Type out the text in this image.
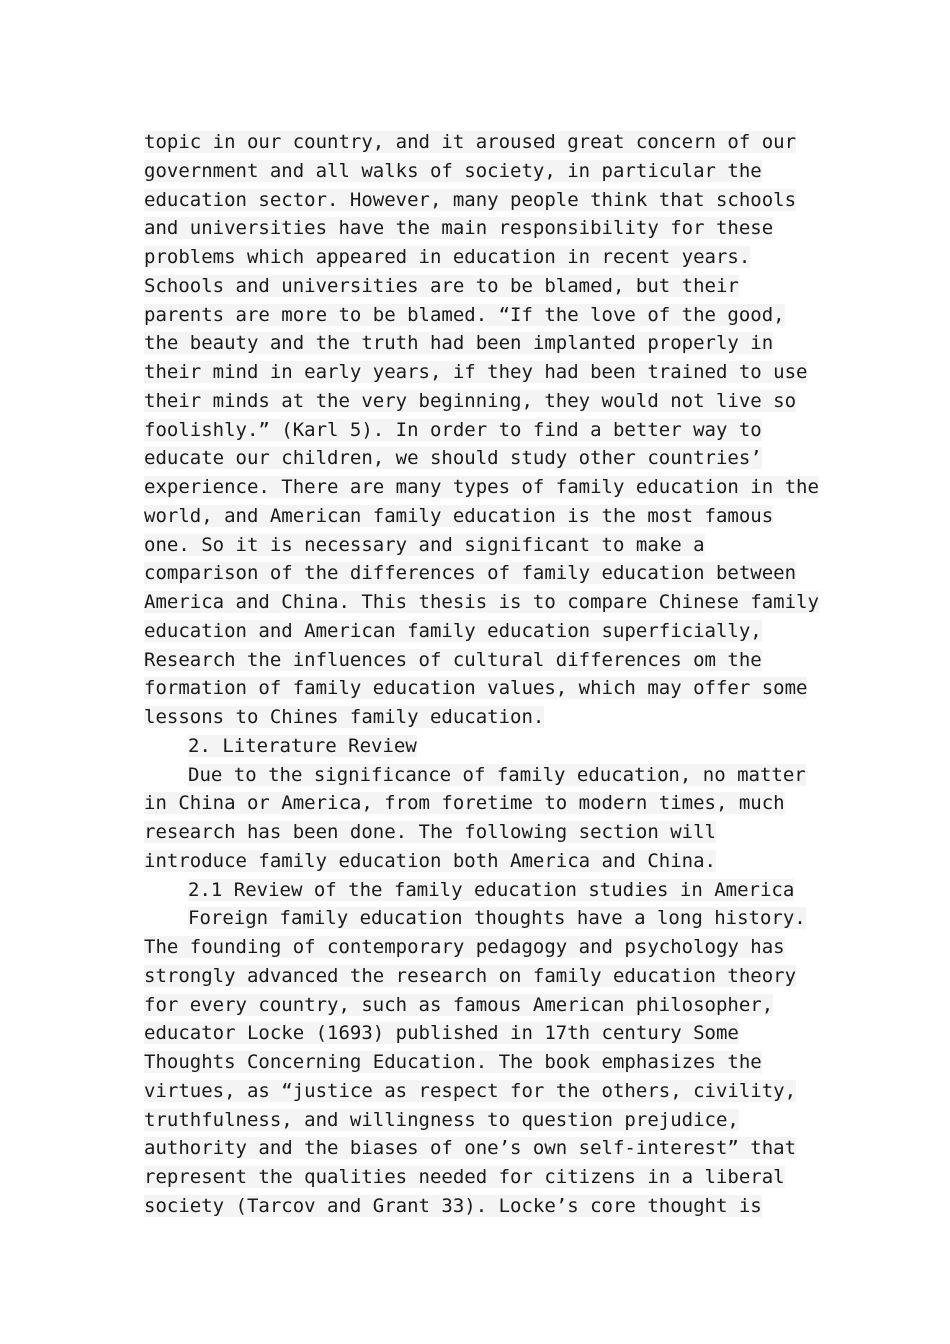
topic in our country, and it aroused great concern of our
government and all walks of society, in particular the
education sector. However, many people think that schools
and universities have the main responsibility for these
problems which appeared in education in recent years.
Schools and universities are to be blamed, but their
parents are more to be blamed. “If the love of the good,
the beauty and the truth had been implanted properly in
their mind in early years, if they had been trained to use
their minds at the very beginning, they would not live so
foolishly.” (Karl 5). In order to find a better way to
educate our children, we should study other countries’
experience. There are many types of family education in the
world, and American family education is the most famous
one. So it is necessary and significant to make a
comparison of the differences of family education between
America and China. This thesis is to compare Chinese family
education and American family education superficially,
Research the influences of cultural differences om the
formation of family education values, which may offer some
lessons to Chines family education.
2. Literature Review
Due to the significance of family education, no matter
in China or America, from foretime to modern times, much
research has been done. The following section will
introduce family education both America and China.
2.1 Review of the family education studies in America
Foreign family education thoughts have a long history.
The founding of contemporary pedagogy and psychology has
strongly advanced the research on family education theory
for every country, such as famous American philosopher,
educator Locke (1693) published in 17th century Some
Thoughts Concerning Education. The book emphasizes the
virtues, as “justice as respect for the others, civility,
truthfulness, and willingness to question prejudice,
authority and the biases of one’s own self-interest” that
represent the qualities needed for citizens in a liberal
society (Tarcov and Grant 33). Locke’s core thought is
